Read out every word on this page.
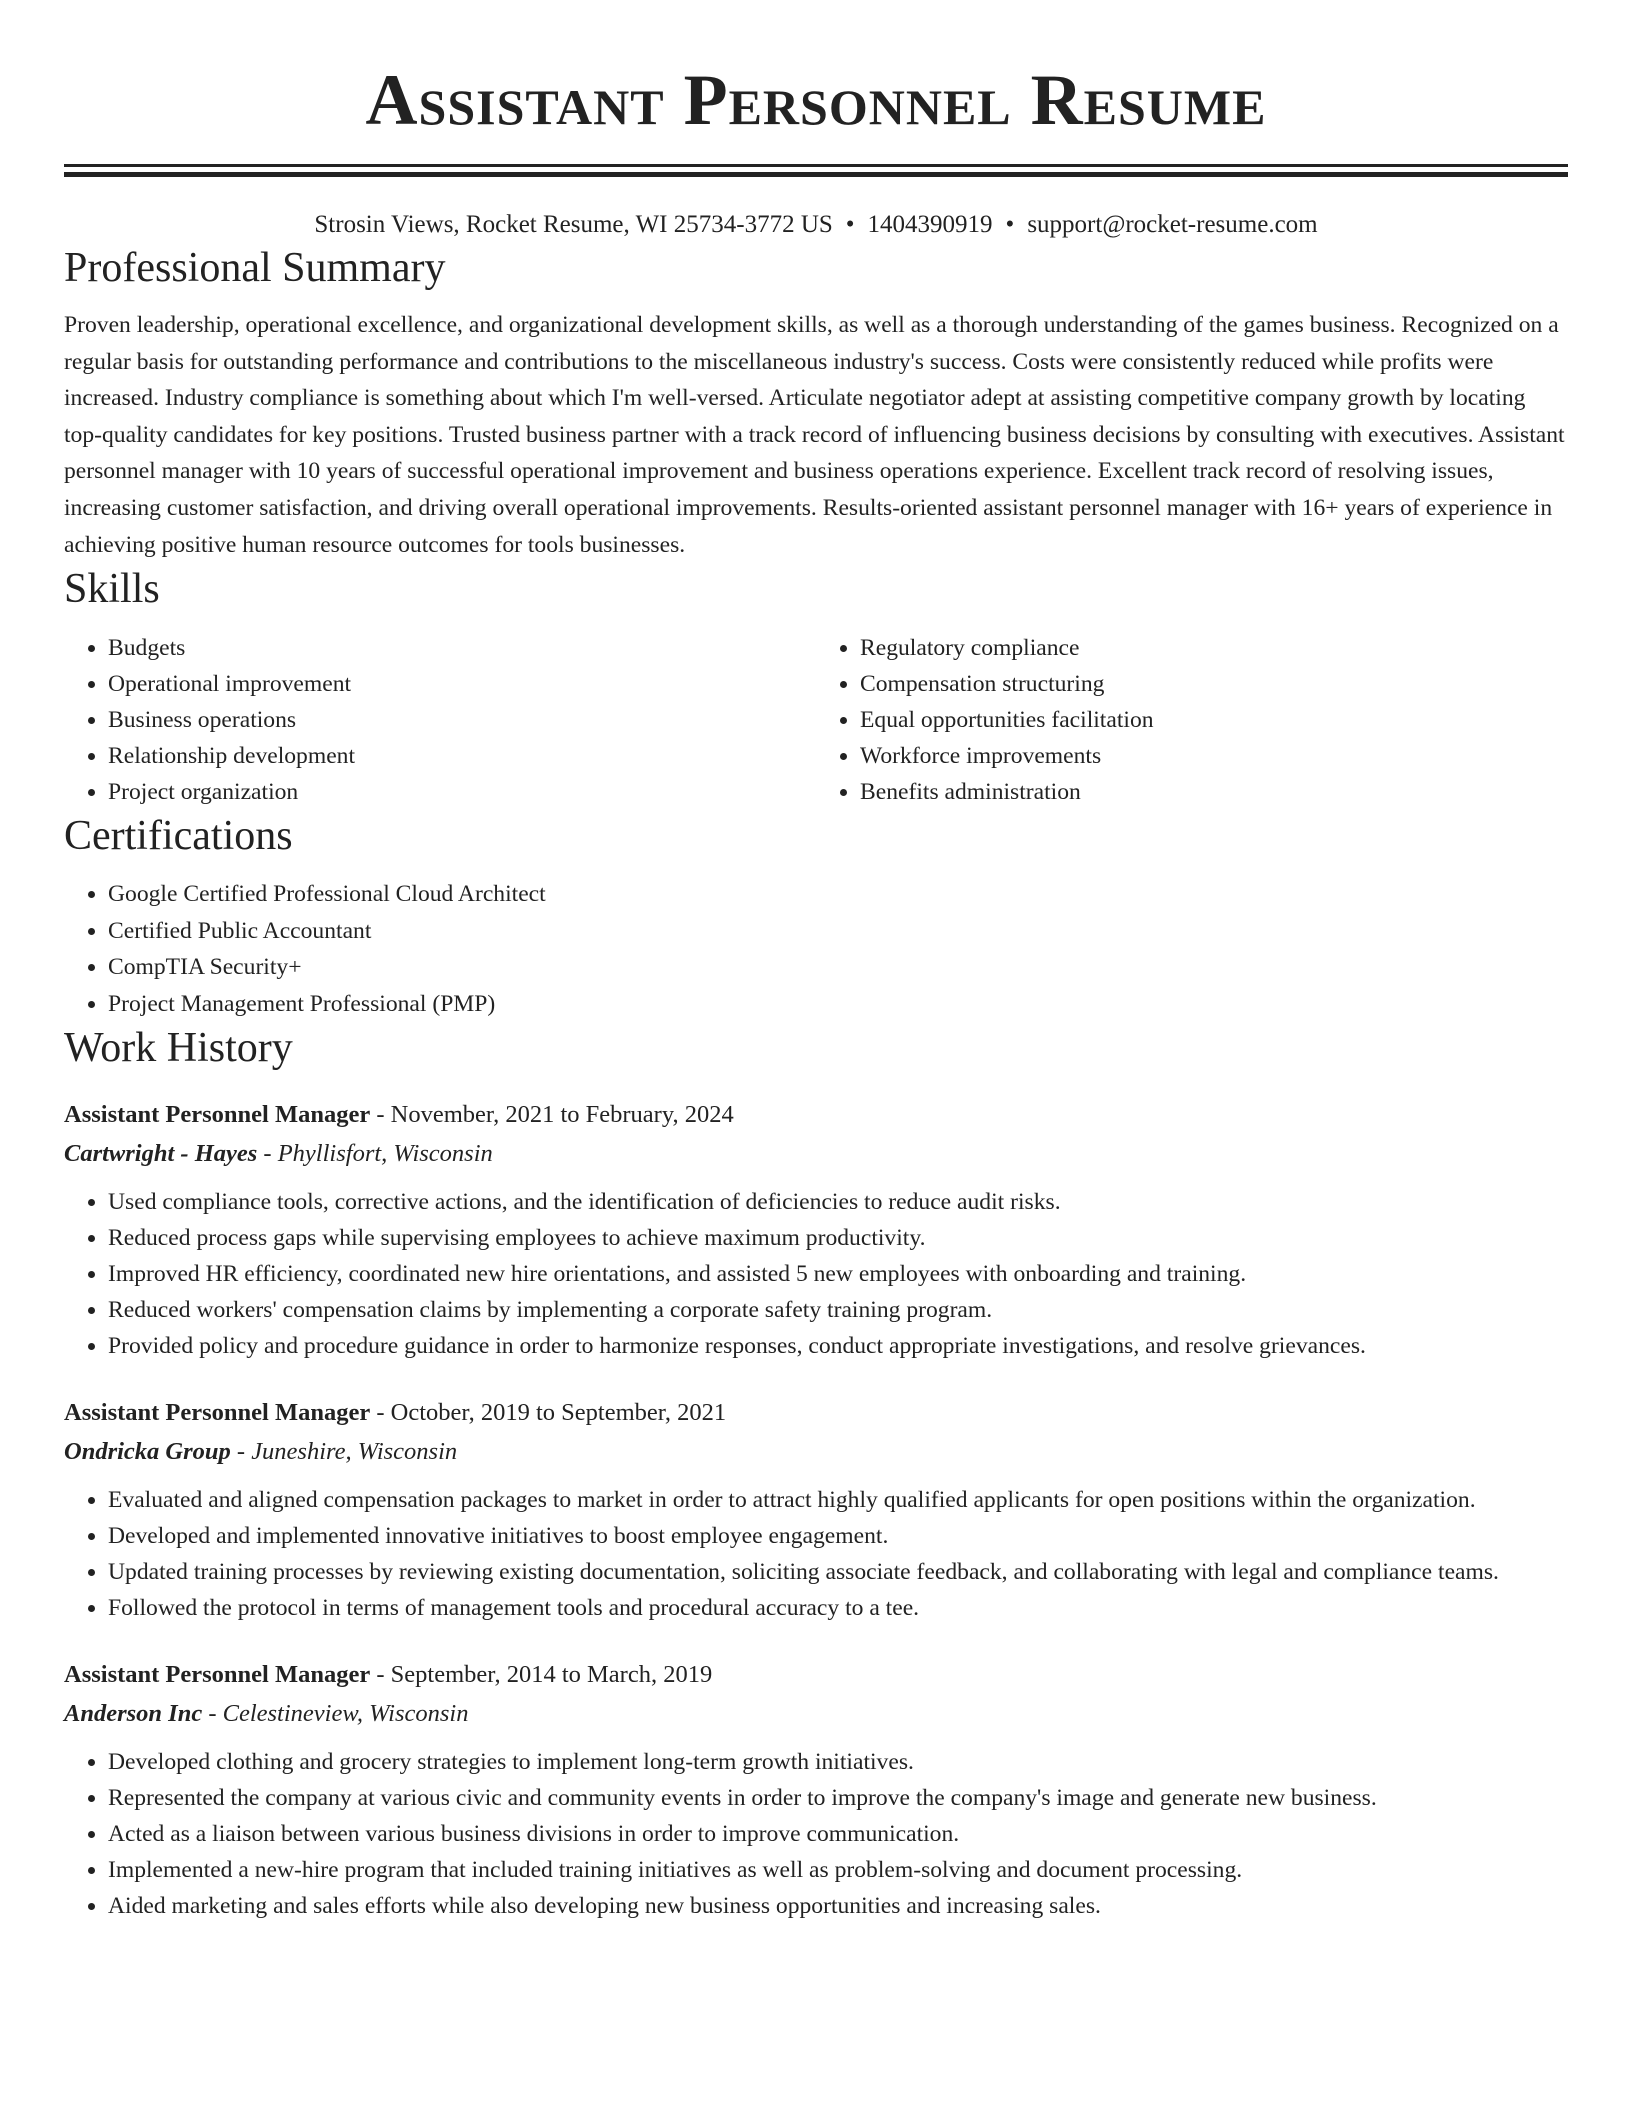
Assistant Personnel Resume
Strosin Views, Rocket Resume, WI 25734-3772 US • 1404390919 • support@rocket-resume.com
Professional Summary
Proven leadership, operational excellence, and organizational development skills, as well as a thorough understanding of the games business. Recognized on a regular basis for outstanding performance and contributions to the miscellaneous industry's success. Costs were consistently reduced while profits were increased. Industry compliance is something about which I'm well-versed. Articulate negotiator adept at assisting competitive company growth by locating top-quality candidates for key positions. Trusted business partner with a track record of influencing business decisions by consulting with executives. Assistant personnel manager with 10 years of successful operational improvement and business operations experience. Excellent track record of resolving issues, increasing customer satisfaction, and driving overall operational improvements. Results-oriented assistant personnel manager with 16+ years of experience in achieving positive human resource outcomes for tools businesses.
Skills
• Budgets
• Operational improvement
• Business operations
• Relationship development
• Project organization
• Regulatory compliance
• Compensation structuring
• Equal opportunities facilitation
• Workforce improvements
• Benefits administration
Certifications
• Google Certified Professional Cloud Architect
• Certified Public Accountant
• CompTIA Security+
• Project Management Professional (PMP)
Work History
Assistant Personnel Manager - November, 2021 to February, 2024
Cartwright - Hayes - Phyllisfort, Wisconsin
• Used compliance tools, corrective actions, and the identification of deficiencies to reduce audit risks.
• Reduced process gaps while supervising employees to achieve maximum productivity.
• Improved HR efficiency, coordinated new hire orientations, and assisted 5 new employees with onboarding and training.
• Reduced workers' compensation claims by implementing a corporate safety training program.
• Provided policy and procedure guidance in order to harmonize responses, conduct appropriate investigations, and resolve grievances.
Assistant Personnel Manager - October, 2019 to September, 2021
Ondricka Group - Juneshire, Wisconsin
• Evaluated and aligned compensation packages to market in order to attract highly qualified applicants for open positions within the organization.
• Developed and implemented innovative initiatives to boost employee engagement.
• Updated training processes by reviewing existing documentation, soliciting associate feedback, and collaborating with legal and compliance teams.
• Followed the protocol in terms of management tools and procedural accuracy to a tee.
Assistant Personnel Manager - September, 2014 to March, 2019
Anderson Inc - Celestineview, Wisconsin
• Developed clothing and grocery strategies to implement long-term growth initiatives.
• Represented the company at various civic and community events in order to improve the company's image and generate new business.
• Acted as a liaison between various business divisions in order to improve communication.
• Implemented a new-hire program that included training initiatives as well as problem-solving and document processing.
• Aided marketing and sales efforts while also developing new business opportunities and increasing sales.
